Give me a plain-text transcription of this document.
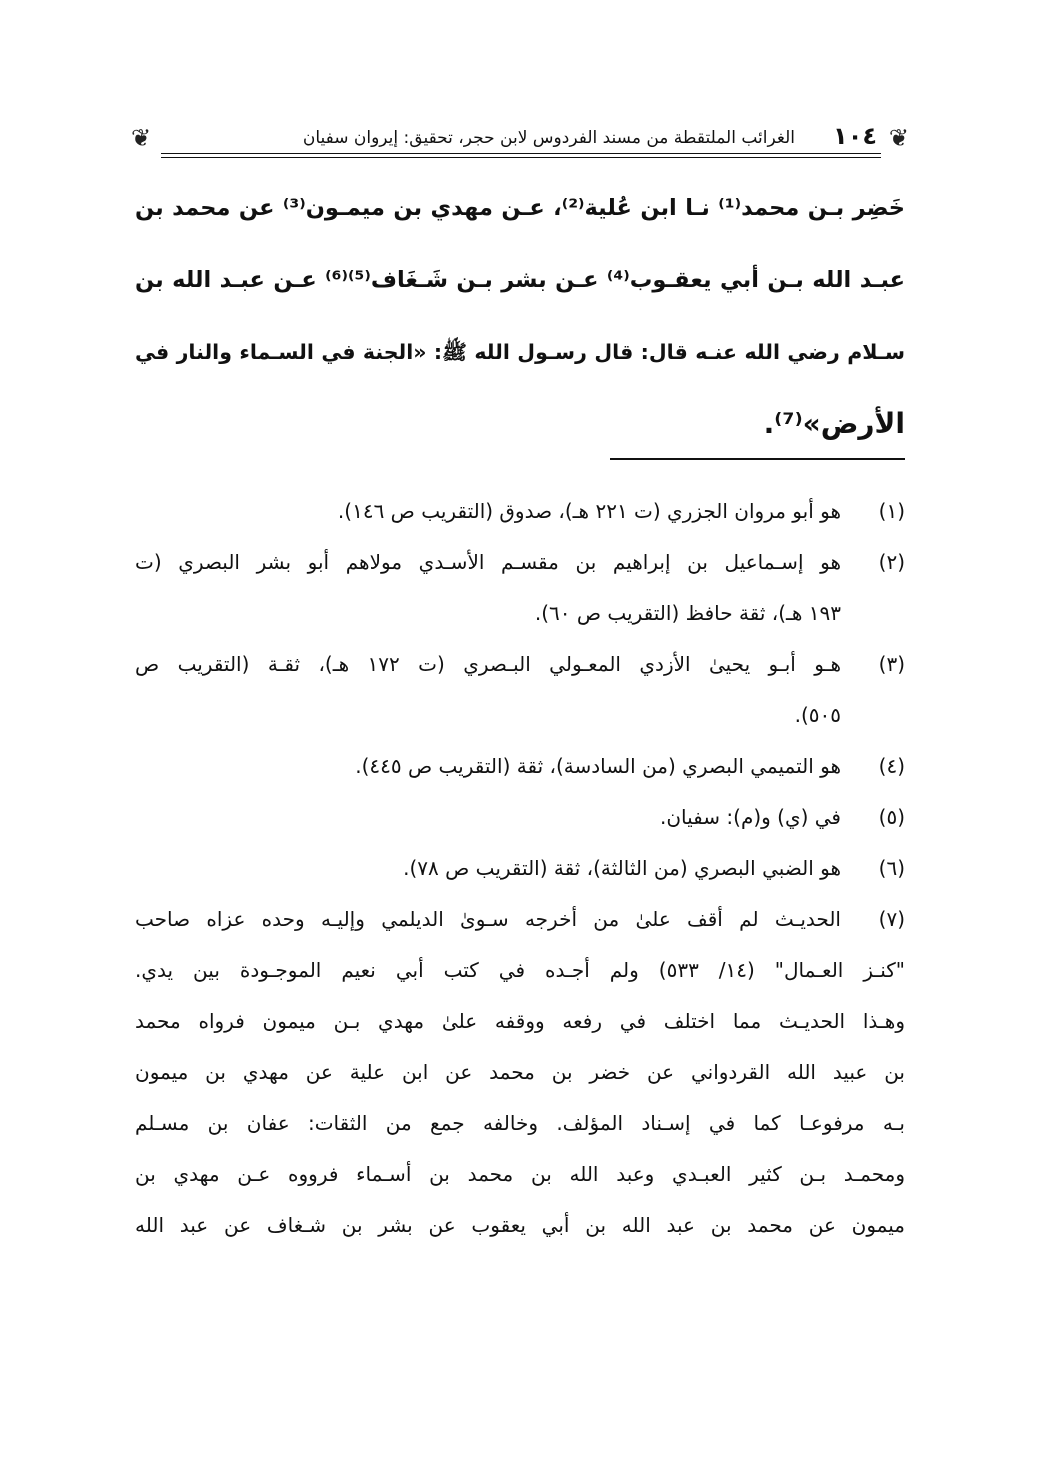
❦
١٠٤
الغرائب الملتقطة من مسند الفردوس لابن حجر، تحقيق: إيروان سفيان
❦
خَضِر بـن محمد⁽¹⁾ نـا ابن عُلية⁽²⁾، عـن مهدي بن ميمـون⁽³⁾ عن محمد بن
عبـد الله بـن أبي يعقـوب⁽⁴⁾ عـن بشر بـن شَـغَاف⁽⁵⁾⁽⁶⁾ عـن عبـد الله بن
سـلام رضي الله عنـه قال: قال رسـول الله ﷺ: «الجنة في السـماء والنار في
الأرض»⁽⁷⁾.
(١)
هو أبو مروان الجزري (ت ٢٢١ هـ)، صدوق (التقريب ص ١٤٦).
(٢)
هو إسـماعيل بن إبراهيم بن مقسـم الأسـدي مولاهم أبو بشر البصري (ت
١٩٣ هـ)، ثقة حافظ (التقريب ص ٦٠).
(٣)
هـو أبـو يحيىٰ الأزدي المعـولي البـصري (ت ١٧٢ هـ)، ثقـة (التقريب ص
٥٠٥).
(٤)
هو التميمي البصري (من السادسة)، ثقة (التقريب ص ٤٤٥).
(٥)
في (ي) و(م): سفيان.
(٦)
هو الضبي البصري (من الثالثة)، ثقة (التقريب ص ٧٨).
(٧)
الحديـث لم أقف علىٰ من أخرجه سـوىٰ الديلمي وإليـه وحده عزاه صاحب
"كنـز العـمال" (١٤/ ٥٣٣) ولم أجـده في كتب أبي نعيم الموجـودة بين يدي.
وهـذا الحديـث مما اختلف في رفعه ووقفه علىٰ مهدي بـن ميمون فرواه محمد
بن عبيد الله القردواني عن خضر بن محمد عن ابن علية عن مهدي بن ميمون
بـه مرفوعـا كما في إسـناد المؤلف. وخالفه جمع من الثقات: عفان بن مسـلم
ومحمـد بـن كثير العبـدي وعبد الله بن محمد بن أسـماء فرووه عـن مهدي بن
ميمون عن محمد بن عبد الله بن أبي يعقوب عن بشر بن شـغاف عن عبد الله
